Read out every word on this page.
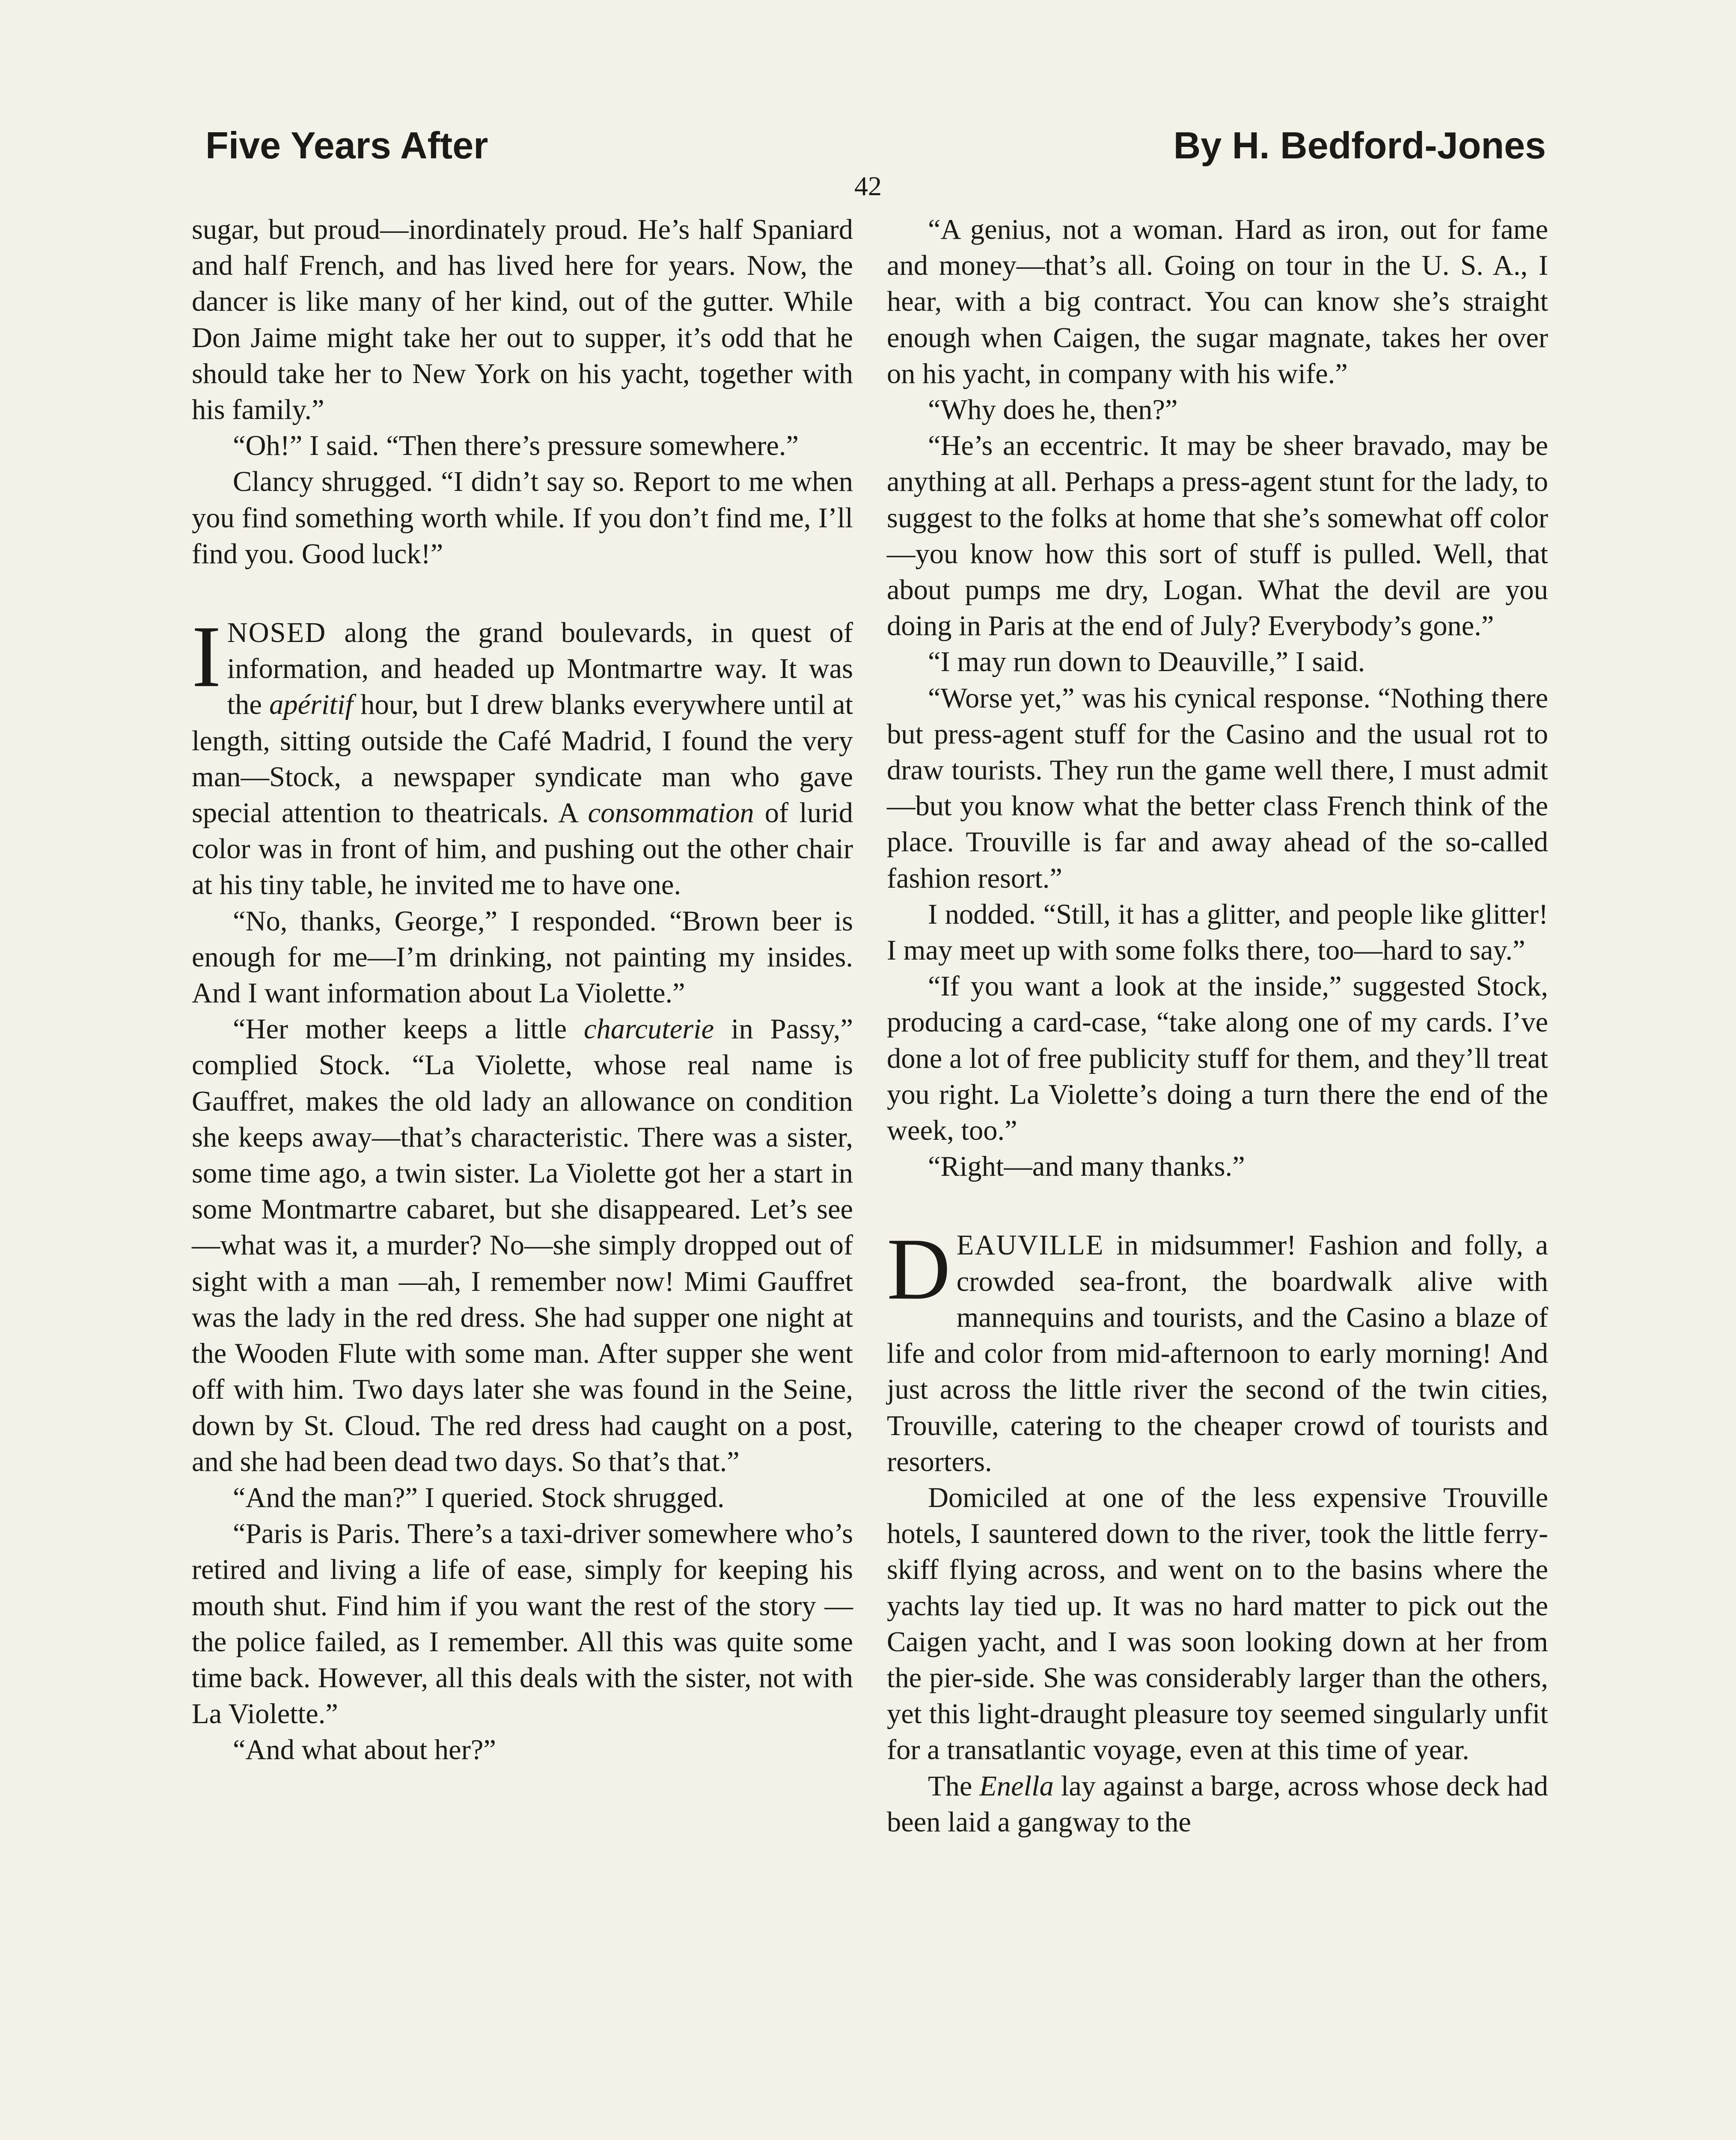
Five Years After	By H. Bedford-Jones
42

sugar, but proud—inordinately proud. He’s half Spaniard and half French, and has lived here for years. Now, the dancer is like many of her kind, out of the gutter. While Don Jaime might take her out to supper, it’s odd that he should take her to New York on his yacht, together with his family.”

“Oh!” I said. “Then there’s pressure somewhere.”

Clancy shrugged. “I didn’t say so. Report to me when you find something worth while. If you don’t find me, I’ll find you. Good luck!”

INOSED along the grand boulevards, in quest of information, and headed up Montmartre way. It was the apéritif hour, but I drew blanks everywhere until at length, sitting outside the Café Madrid, I found the very man—Stock, a newspaper syndicate man who gave special attention to theatricals. A consommation of lurid color was in front of him, and pushing out the other chair at his tiny table, he invited me to have one.

“No, thanks, George,” I responded. “Brown beer is enough for me—I’m drinking, not painting my insides. And I want information about La Violette.”

“Her mother keeps a little charcuterie in Passy,” complied Stock. “La Violette, whose real name is Gauffret, makes the old lady an allowance on condition she keeps away—that’s characteristic. There was a sister, some time ago, a twin sister. La Violette got her a start in some Montmartre cabaret, but she disappeared. Let’s see—what was it, a murder? No—she simply dropped out of sight with a man —ah, I remember now! Mimi Gauffret was the lady in the red dress. She had supper one night at the Wooden Flute with some man. After supper she went off with him. Two days later she was found in the Seine, down by St. Cloud. The red dress had caught on a post, and she had been dead two days. So that’s that.”

“And the man?” I queried. Stock shrugged.

“Paris is Paris. There’s a taxi-driver somewhere who’s retired and living a life of ease, simply for keeping his mouth shut. Find him if you want the rest of the story —the police failed, as I remember. All this was quite some time back. However, all this deals with the sister, not with La Violette.”

“And what about her?”

“A genius, not a woman. Hard as iron, out for fame and money—that’s all. Going on tour in the U. S. A., I hear, with a big contract. You can know she’s straight enough when Caigen, the sugar magnate, takes her over on his yacht, in company with his wife.”

“Why does he, then?”

“He’s an eccentric. It may be sheer bravado, may be anything at all. Perhaps a press-agent stunt for the lady, to suggest to the folks at home that she’s somewhat off color—you know how this sort of stuff is pulled. Well, that about pumps me dry, Logan. What the devil are you doing in Paris at the end of July? Everybody’s gone.”

“I may run down to Deauville,” I said.

“Worse yet,” was his cynical response. “Nothing there but press-agent stuff for the Casino and the usual rot to draw tourists. They run the game well there, I must admit—but you know what the better class French think of the place. Trouville is far and away ahead of the so-called fashion resort.”

I nodded. “Still, it has a glitter, and people like glitter! I may meet up with some folks there, too—hard to say.”

“If you want a look at the inside,” suggested Stock, producing a card-case, “take along one of my cards. I’ve done a lot of free publicity stuff for them, and they’ll treat you right. La Violette’s doing a turn there the end of the week, too.”

“Right—and many thanks.”

DEAUVILLE in midsummer! Fashion and folly, a crowded sea-front, the boardwalk alive with mannequins and tourists, and the Casino a blaze of life and color from mid-afternoon to early morning! And just across the little river the second of the twin cities, Trouville, catering to the cheaper crowd of tourists and resorters.

Domiciled at one of the less expensive Trouville hotels, I sauntered down to the river, took the little ferry-skiff flying across, and went on to the basins where the yachts lay tied up. It was no hard matter to pick out the Caigen yacht, and I was soon looking down at her from the pier-side. She was considerably larger than the others, yet this light-draught pleasure toy seemed singularly unfit for a transatlantic voyage, even at this time of year.

The Enella lay against a barge, across whose deck had been laid a gangway to the
